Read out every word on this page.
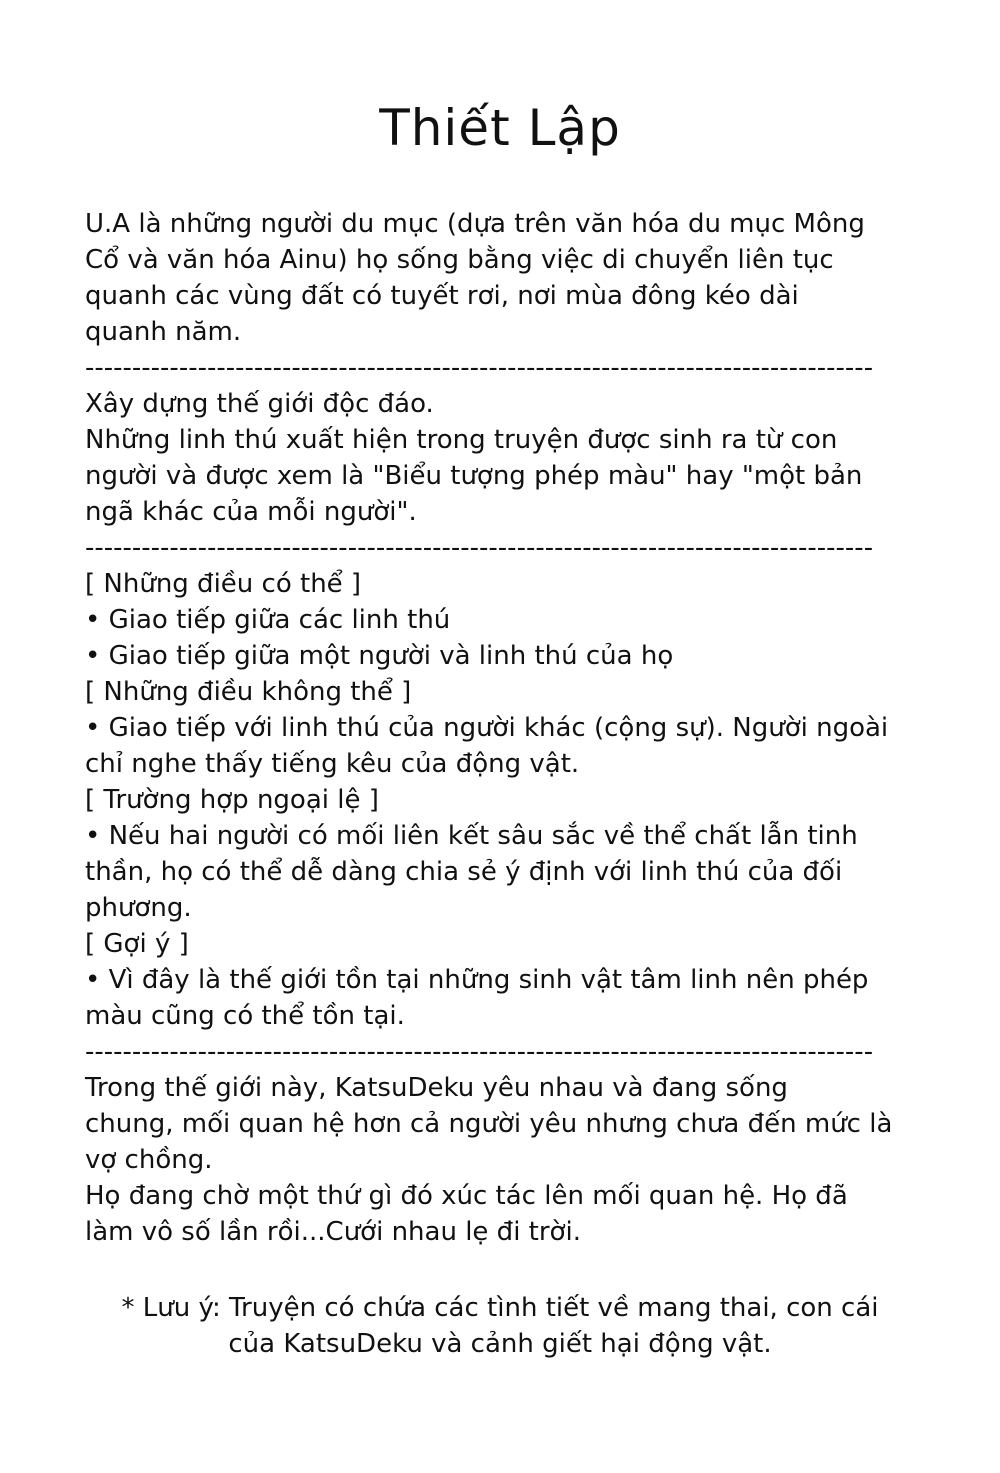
Thiết Lập
U.A là những người du mục (dựa trên văn hóa du mục Mông
Cổ và văn hóa Ainu) họ sống bằng việc di chuyển liên tục
quanh các vùng đất có tuyết rơi, nơi mùa đông kéo dài
quanh năm.
------------------------------------------------------------------------------------
Xây dựng thế giới độc đáo.
Những linh thú xuất hiện trong truyện được sinh ra từ con
người và được xem là "Biểu tượng phép màu" hay "một bản
ngã khác của mỗi người".
------------------------------------------------------------------------------------
[ Những điều có thể ]
• Giao tiếp giữa các linh thú
• Giao tiếp giữa một người và linh thú của họ
[ Những điều không thể ]
• Giao tiếp với linh thú của người khác (cộng sự). Người ngoài
chỉ nghe thấy tiếng kêu của động vật.
[ Trường hợp ngoại lệ ]
• Nếu hai người có mối liên kết sâu sắc về thể chất lẫn tinh
thần, họ có thể dễ dàng chia sẻ ý định với linh thú của đối
phương.
[ Gợi ý ]
• Vì đây là thế giới tồn tại những sinh vật tâm linh nên phép
màu cũng có thể tồn tại.
------------------------------------------------------------------------------------
Trong thế giới này, KatsuDeku yêu nhau và đang sống
chung, mối quan hệ hơn cả người yêu nhưng chưa đến mức là
vợ chồng.
Họ đang chờ một thứ gì đó xúc tác lên mối quan hệ. Họ đã
làm vô số lần rồi...Cưới nhau lẹ đi trời.
* Lưu ý: Truyện có chứa các tình tiết về mang thai, con cái
của KatsuDeku và cảnh giết hại động vật.
